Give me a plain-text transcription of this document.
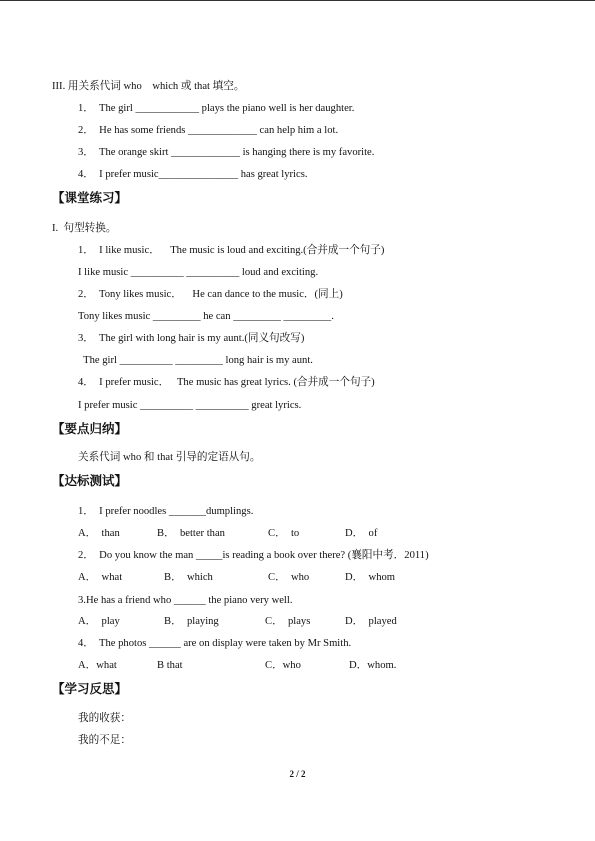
III. 用关系代词 who    which 或 that 填空。
1．  The girl ____________ plays the piano well is her daughter.
2．  He has some friends _____________ can help him a lot.
3．  The orange skirt _____________ is hanging there is my favorite.
4．  I prefer music_______________ has great lyrics.
【课堂练习】
I.  句型转换。
1．  I like music．    The music is loud and exciting.(合并成一个句子)
I like music __________ __________ loud and exciting.
2．  Tony likes music．    He can dance to the music．(同上)
Tony likes music _________ he can _________ _________.
3．  The girl with long hair is my aunt.(同义句改写)
The girl __________ _________ long hair is my aunt.
4．  I prefer music．   The music has great lyrics. (合并成一个句子)
I prefer music __________ __________ great lyrics.
【要点归纳】
关系代词 who 和 that 引导的定语从句。
【达标测试】
1．  I prefer noodles _______dumplings.
A．  than	B．  better than	C．  to	D．  of
2．  Do you know the man _____is reading a book over there? (襄阳中考．2011)
A．  what	B．  which	C．  who	D．  whom
3.He has a friend who ______ the piano very well.
A．  play	B．  playing	C．  plays	D．  played
4．  The photos ______ are on display were taken by Mr Smith.
A．what	B that	C．who	D．whom.
【学习反思】
我的收获：
我的不足：
2 / 2
